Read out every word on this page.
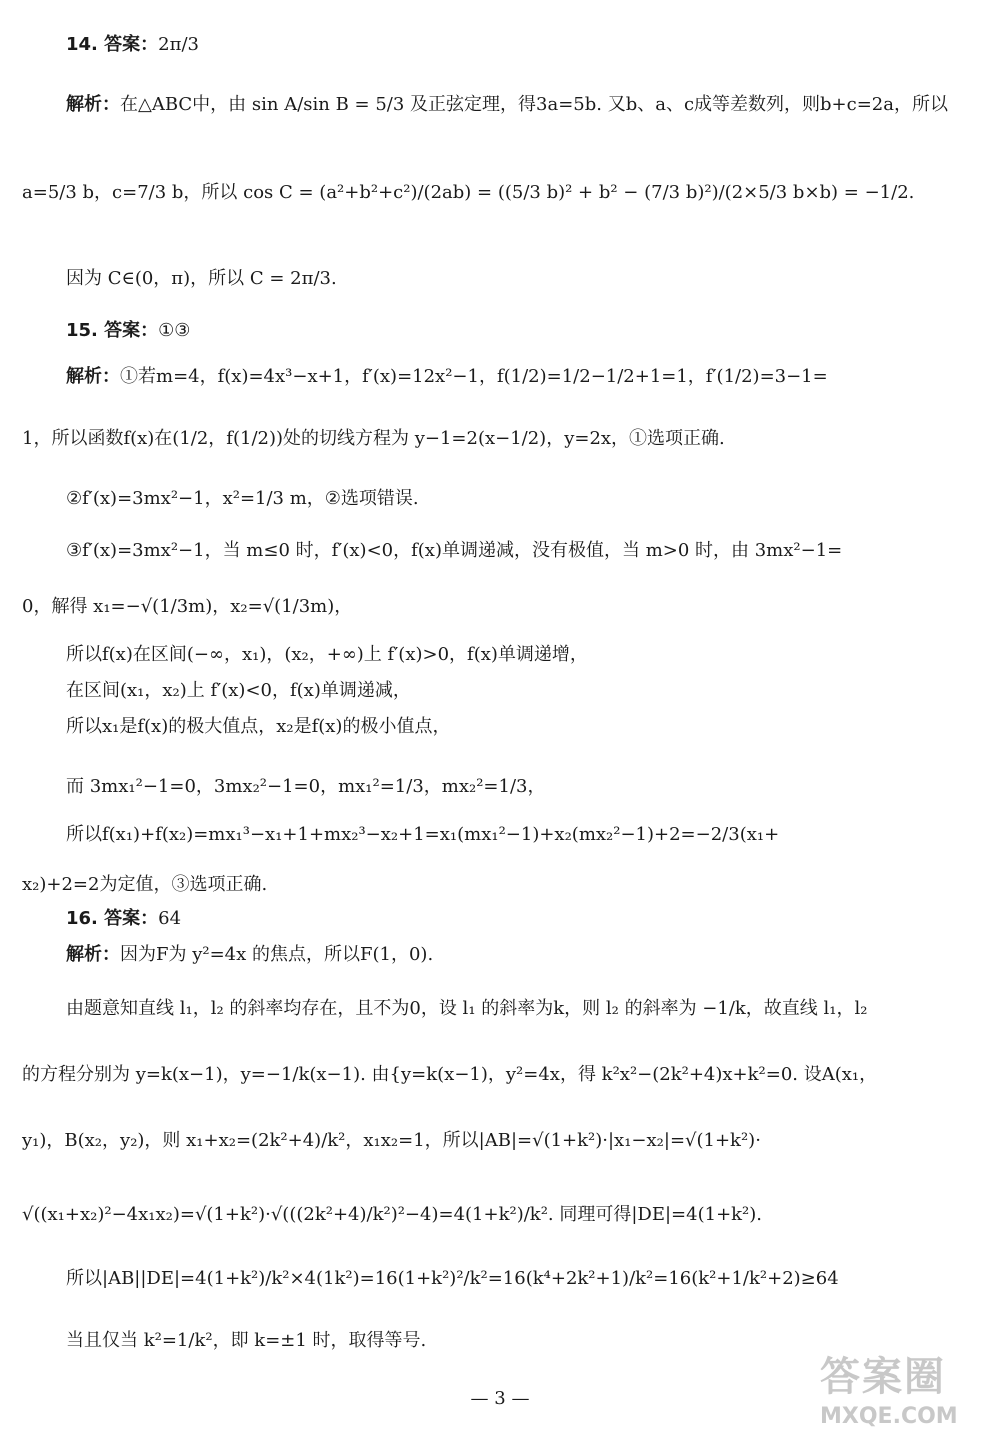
14. 答案：2π/3
解析：在△ABC中，由 sin A/sin B = 5/3 及正弦定理，得3a=5b. 又b、a、c成等差数列，则b+c=2a，所以
a=5/3 b，c=7/3 b，所以 cos C = (a²+b²+c²)/(2ab) = ((5/3 b)² + b² − (7/3 b)²)/(2×5/3 b×b) = −1/2.
因为 C∈(0，π)，所以 C = 2π/3.
15. 答案：①③
解析：①若m=4，f(x)=4x³−x+1，f′(x)=12x²−1，f(1/2)=1/2−1/2+1=1，f′(1/2)=3−1=
1，所以函数f(x)在(1/2，f(1/2))处的切线方程为 y−1=2(x−1/2)，y=2x，①选项正确.
②f′(x)=3mx²−1，x²=1/3 m，②选项错误.
③f′(x)=3mx²−1，当 m≤0 时，f′(x)<0，f(x)单调递减，没有极值，当 m>0 时，由 3mx²−1=
0，解得 x₁=−√(1/3m)，x₂=√(1/3m)，
所以f(x)在区间(−∞，x₁)，(x₂，+∞)上 f′(x)>0，f(x)单调递增，
在区间(x₁，x₂)上 f′(x)<0，f(x)单调递减，
所以x₁是f(x)的极大值点，x₂是f(x)的极小值点，
而 3mx₁²−1=0，3mx₂²−1=0，mx₁²=1/3，mx₂²=1/3，
所以f(x₁)+f(x₂)=mx₁³−x₁+1+mx₂³−x₂+1=x₁(mx₁²−1)+x₂(mx₂²−1)+2=−2/3(x₁+
x₂)+2=2为定值，③选项正确.
16. 答案：64
解析：因为F为 y²=4x 的焦点，所以F(1，0).
由题意知直线 l₁，l₂ 的斜率均存在，且不为0，设 l₁ 的斜率为k，则 l₂ 的斜率为 −1/k，故直线 l₁，l₂
的方程分别为 y=k(x−1)，y=−1/k(x−1). 由{y=k(x−1)，y²=4x，得 k²x²−(2k²+4)x+k²=0. 设A(x₁，
y₁)，B(x₂，y₂)，则 x₁+x₂=(2k²+4)/k²，x₁x₂=1，所以|AB|=√(1+k²)·|x₁−x₂|=√(1+k²)·
√((x₁+x₂)²−4x₁x₂)=√(1+k²)·√(((2k²+4)/k²)²−4)=4(1+k²)/k². 同理可得|DE|=4(1+k²).
所以|AB||DE|=4(1+k²)/k²×4(1k²)=16(1+k²)²/k²=16(k⁴+2k²+1)/k²=16(k²+1/k²+2)≥64
当且仅当 k²=1/k²，即 k=±1 时，取得等号.
— 3 —	答案圈
MXQE.COM
